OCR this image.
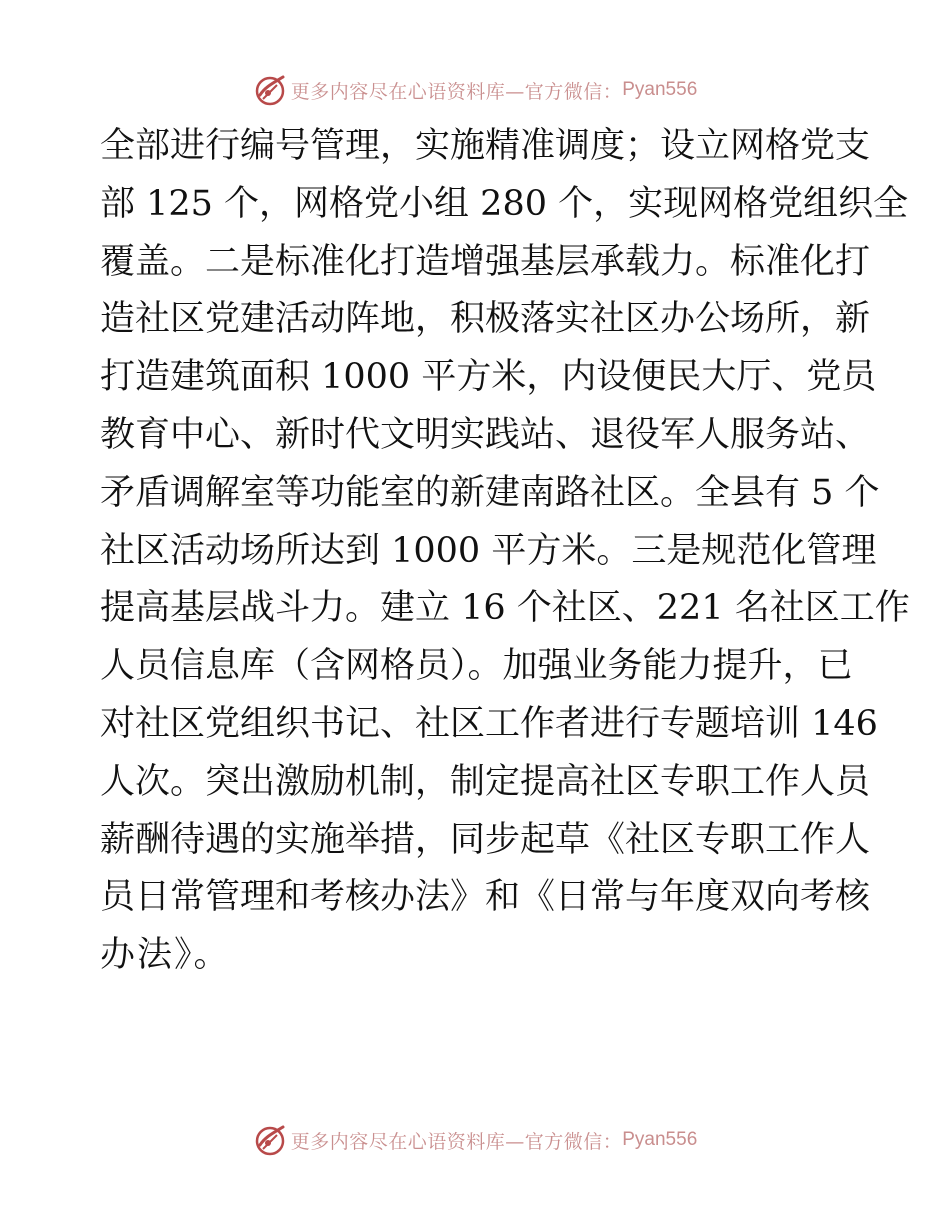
更多内容尽在心语资料库—官方微信： Pyan556
全部进行编号管理，实施精准调度；设立网格党支
部 125 个，网格党小组 280 个，实现网格党组织全
覆盖。二是标准化打造增强基层承载力。标准化打
造社区党建活动阵地，积极落实社区办公场所，新
打造建筑面积 1000 平方米，内设便民大厅、党员
教育中心、新时代文明实践站、退役军人服务站、
矛盾调解室等功能室的新建南路社区。全县有 5 个
社区活动场所达到 1000 平方米。三是规范化管理
提高基层战斗力。建立 16 个社区、221 名社区工作
人员信息库（含网格员）。加强业务能力提升，已
对社区党组织书记、社区工作者进行专题培训 146
人次。突出激励机制，制定提高社区专职工作人员
薪酬待遇的实施举措，同步起草《社区专职工作人
员日常管理和考核办法》和《日常与年度双向考核
办法》。
更多内容尽在心语资料库—官方微信： Pyan556
